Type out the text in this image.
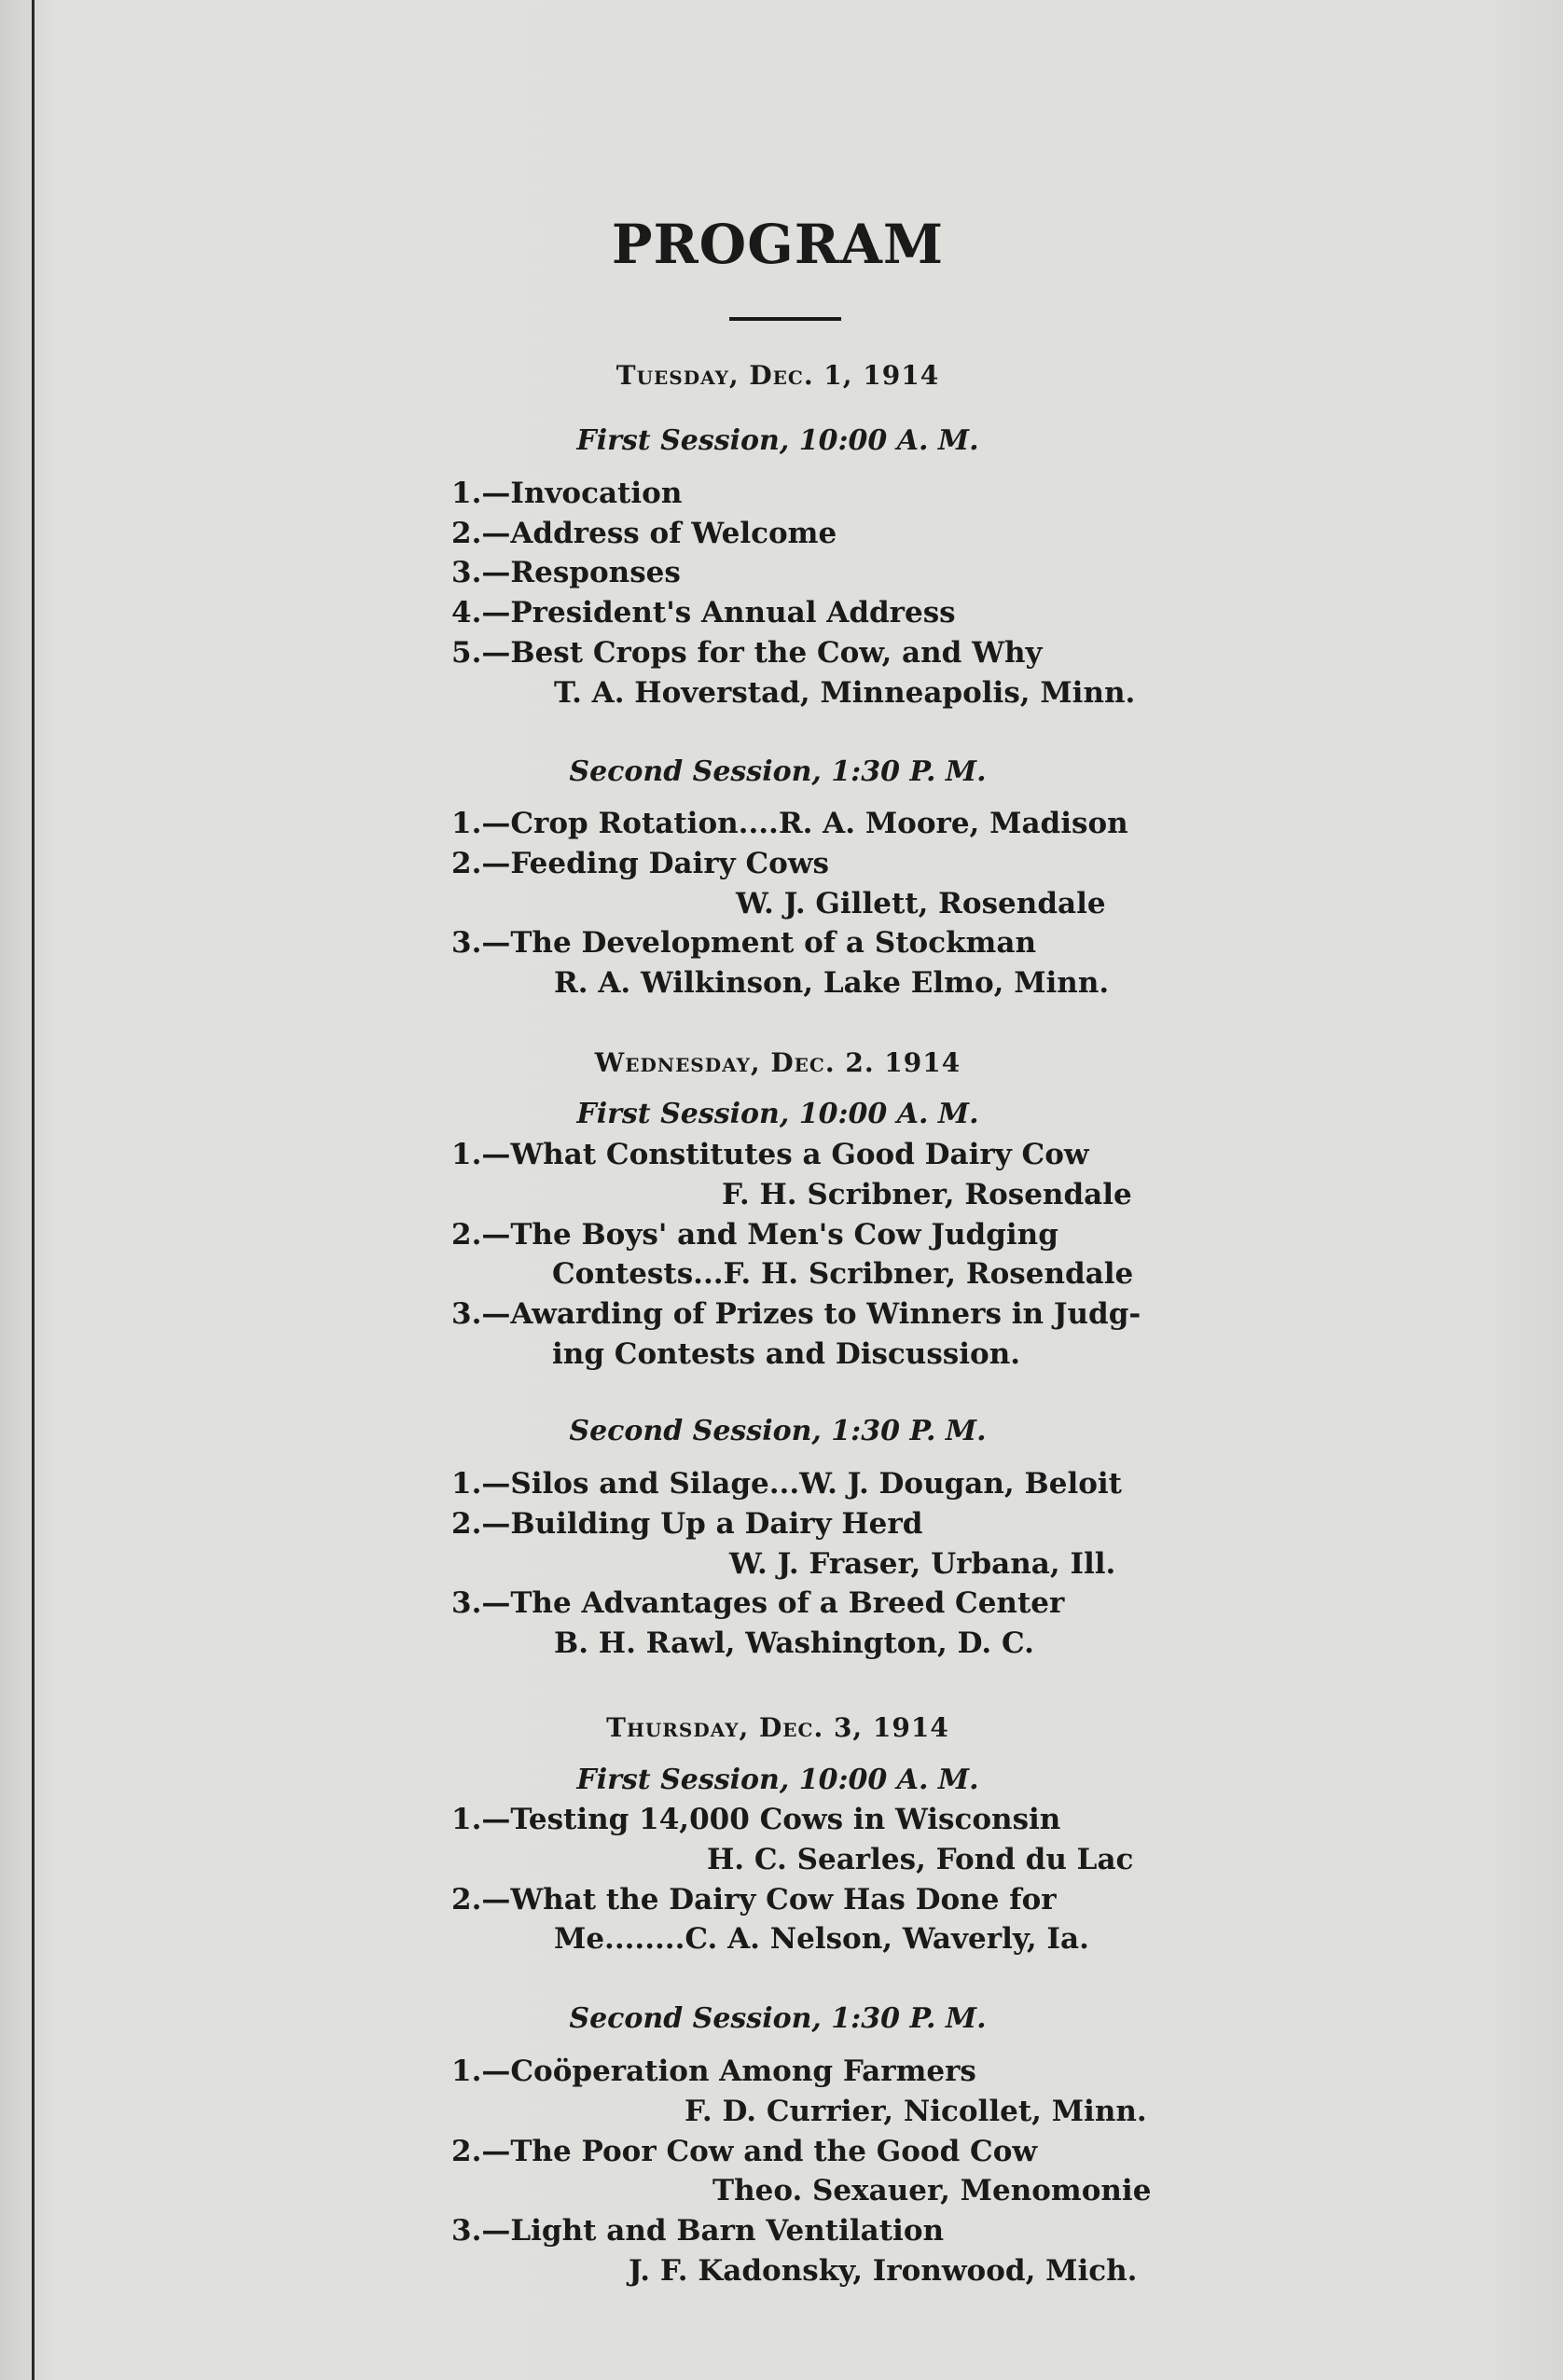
PROGRAM
Tuesday, Dec. 1, 1914
First Session, 10:00 A. M.
1.—Invocation
2.—Address of Welcome
3.—Responses
4.—President's Annual Address
5.—Best Crops for the Cow, and Why
T. A. Hoverstad, Minneapolis, Minn.
Second Session, 1:30 P. M.
1.—Crop Rotation....R. A. Moore, Madison
2.—Feeding Dairy Cows
W. J. Gillett, Rosendale
3.—The Development of a Stockman
R. A. Wilkinson, Lake Elmo, Minn.
Wednesday, Dec. 2. 1914
First Session, 10:00 A. M.
1.—What Constitutes a Good Dairy Cow
F. H. Scribner, Rosendale
2.—The Boys' and Men's Cow Judging
Contests...F. H. Scribner, Rosendale
3.—Awarding of Prizes to Winners in Judg-
ing Contests and Discussion.
Second Session, 1:30 P. M.
1.—Silos and Silage...W. J. Dougan, Beloit
2.—Building Up a Dairy Herd
W. J. Fraser, Urbana, Ill.
3.—The Advantages of a Breed Center
B. H. Rawl, Washington, D. C.
Thursday, Dec. 3, 1914
First Session, 10:00 A. M.
1.—Testing 14,000 Cows in Wisconsin
H. C. Searles, Fond du Lac
2.—What the Dairy Cow Has Done for
Me........C. A. Nelson, Waverly, Ia.
Second Session, 1:30 P. M.
1.—Coöperation Among Farmers
F. D. Currier, Nicollet, Minn.
2.—The Poor Cow and the Good Cow
Theo. Sexauer, Menomonie
3.—Light and Barn Ventilation
J. F. Kadonsky, Ironwood, Mich.
